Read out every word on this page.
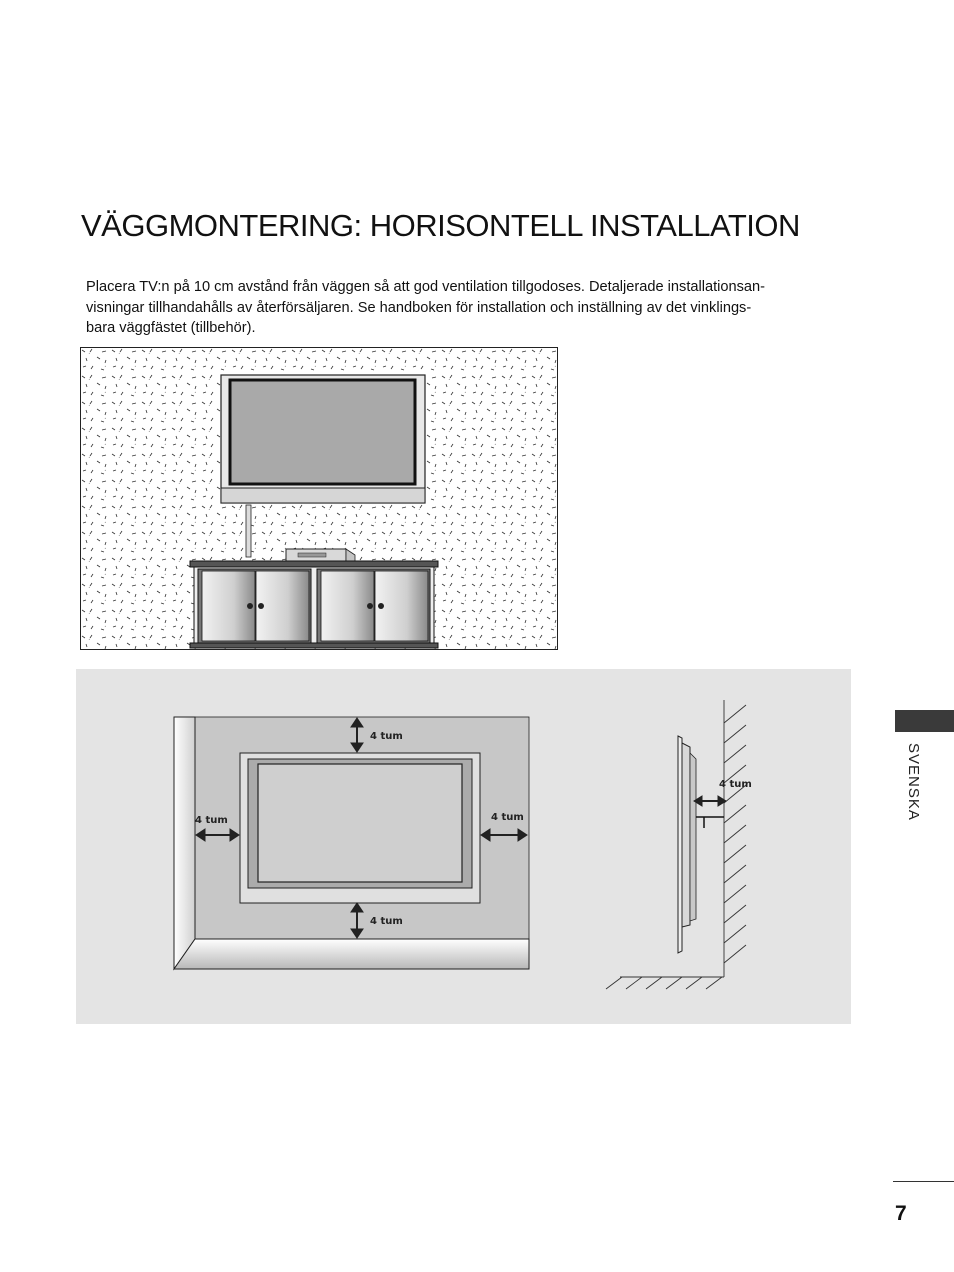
VÄGGMONTERING: HORISONTELL INSTALLATION

Placera TV:n på 10 cm avstånd från väggen så att god ventilation tillgodoses. Detaljerade installationsan-
visningar tillhandahålls av återförsäljaren. Se handboken för installation och inställning av det vinklings-
bara väggfästet (tillbehör).

4 tum
4 tum	4 tum
4 tum
4 tum	SVENSKA
7
